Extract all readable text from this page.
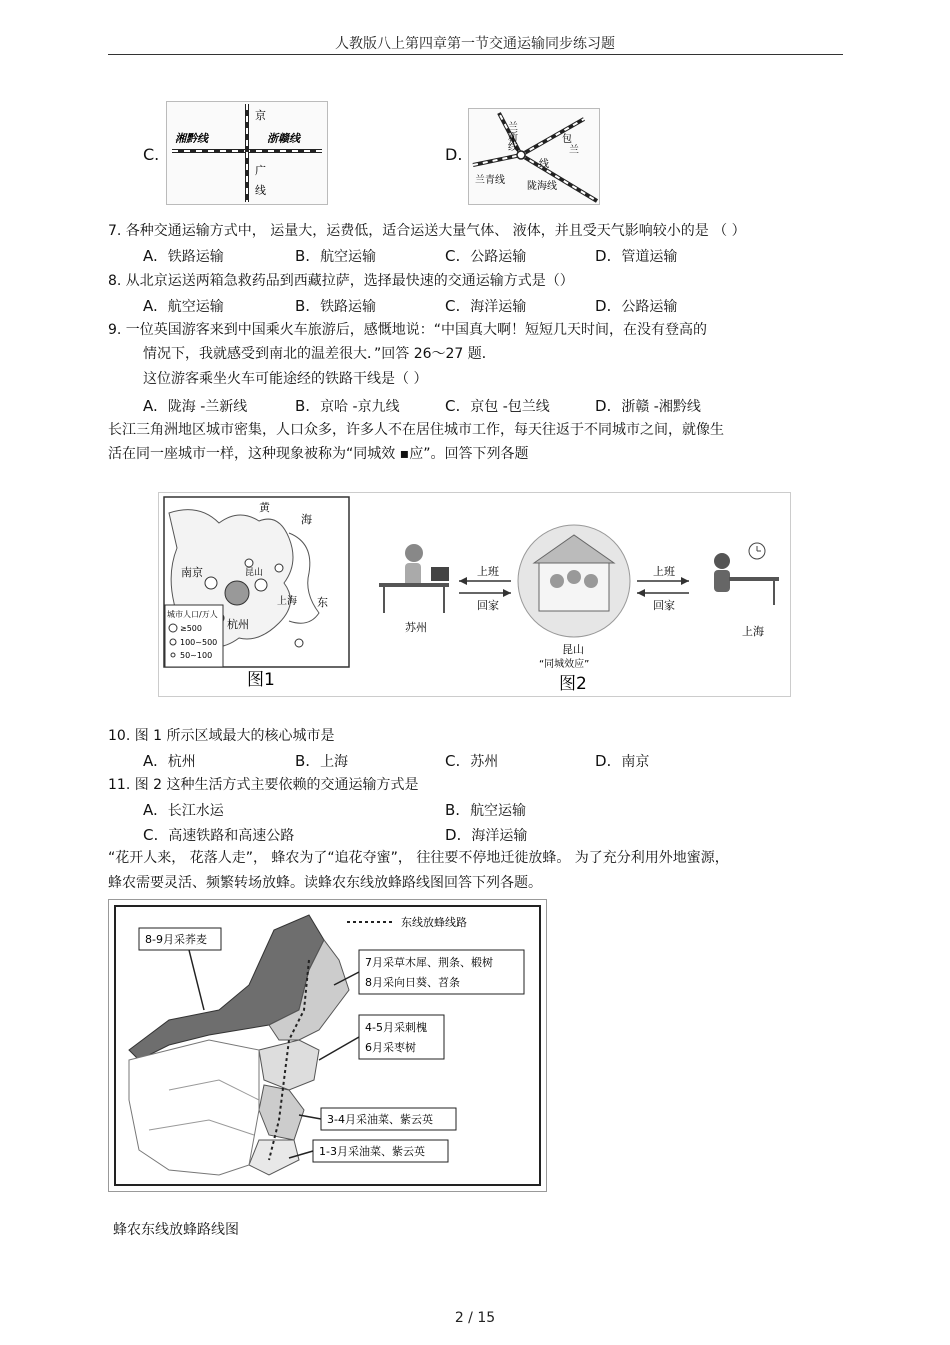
人教版八上第四章第一节交通运输同步练习题
C.
京
湘黔线	浙赣线
广
线
D.
兰新线	包
兰
线
兰青线
陇海线
7. 各种交通运输方式中， 运量大，运费低，适合运送大量气体、 液体，并且受天气影响较小的是 （ ）
A. 铁路运输	B. 航空运输	C. 公路运输	D. 管道运输
8. 从北京运送两箱急救药品到西藏拉萨，选择最快速的交通运输方式是（）
A. 航空运输	B. 铁路运输	C. 海洋运输	D. 公路运输
9. 一位英国游客来到中国乘火车旅游后，感慨地说：“中国真大啊！短短几天时间，在没有登高的
情况下，我就感受到南北的温差很大．”回答 26～27 题．
这位游客乘坐火车可能途经的铁路干线是（ ）
A. 陇海 -兰新线	B. 京哈 -京九线	C. 京包 -包兰线	D. 浙赣 -湘黔线
长江三角洲地区城市密集，人口众多，许多人不在居住城市工作，每天往返于不同城市之间，就像生
活在同一座城市一样，这种现象被称为“同城效 ▪应”。回答下列各题
南京	昆山
上海
杭州
黄
海
东
城市人口/万人
≥500
100~500
50~100
图1
苏州
上班
回家
昆山
“同城效应”
图2
上班
回家
上海
10. 图 1 所示区域最大的核心城市是
A. 杭州	B. 上海	C. 苏州	D. 南京
11. 图 2 这种生活方式主要依赖的交通运输方式是
A. 长江水运	B. 航空运输
C. 高速铁路和高速公路	D. 海洋运输
“花开人来， 花落人走”， 蜂农为了“追花夺蜜”， 往往要不停地迁徙放蜂。 为了充分利用外地蜜源，
蜂农需要灵活、频繁转场放蜂。读蜂农东线放蜂路线图回答下列各题。
东线放蜂线路
8-9月采荞麦
7月采草木犀、荆条、椴树
8月采向日葵、苕条
4-5月采刺槐
6月采枣树
3-4月采油菜、紫云英
1-3月采油菜、紫云英
蜂农东线放蜂路线图
2 / 15
